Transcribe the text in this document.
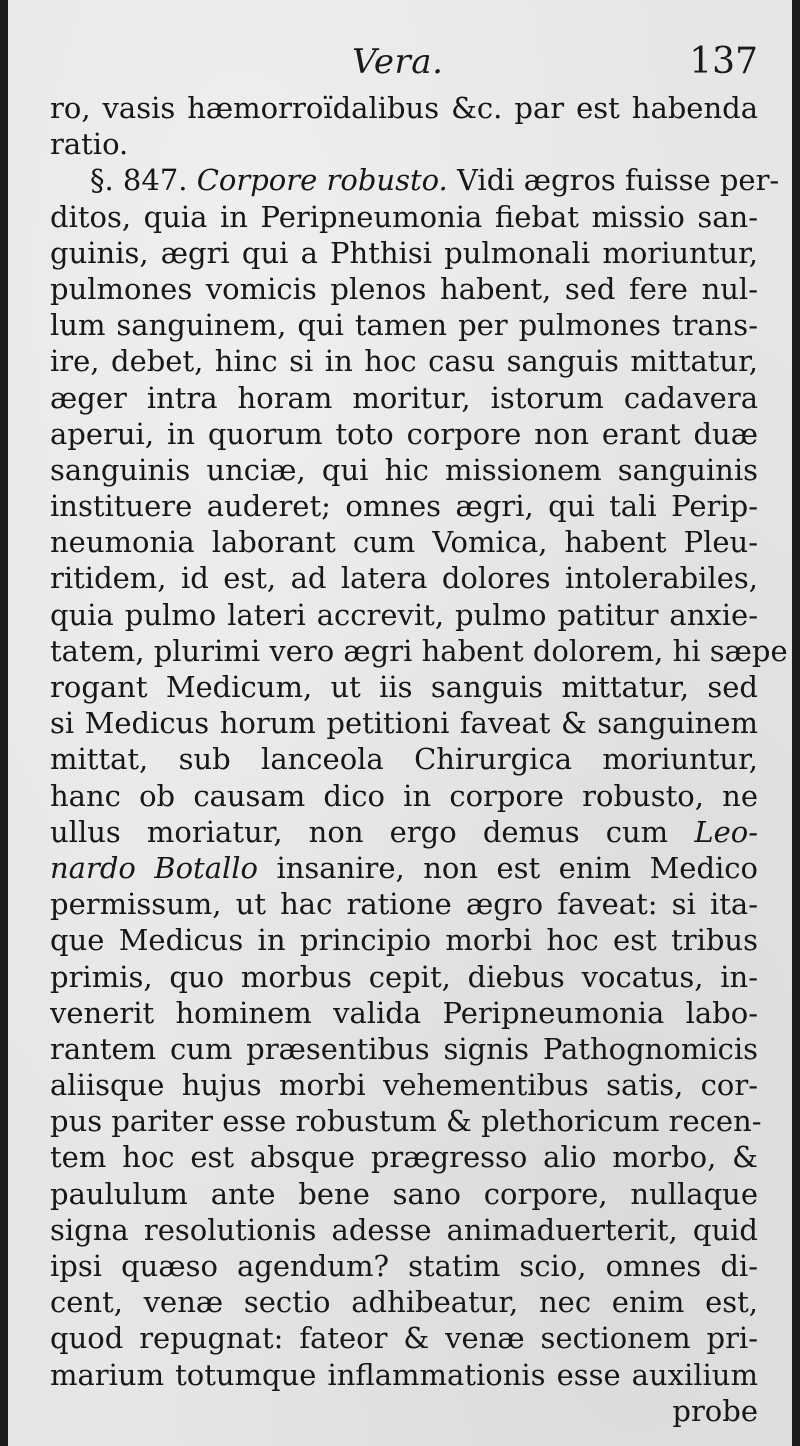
Vera.	137
ro, vasis hæmorroïdalibus &c. par est habenda
ratio.
§. 847. Corpore robusto. Vidi ægros fuisse per-
ditos, quia in Peripneumonia fiebat missio san-
guinis, ægri qui a Phthisi pulmonali moriuntur,
pulmones vomicis plenos habent, sed fere nul-
lum sanguinem, qui tamen per pulmones trans-
ire, debet, hinc si in hoc casu sanguis mittatur,
æger intra horam moritur, istorum cadavera
aperui, in quorum toto corpore non erant duæ
sanguinis unciæ, qui hic missionem sanguinis
instituere auderet; omnes ægri, qui tali Perip-
neumonia laborant cum Vomica, habent Pleu-
ritidem, id est, ad latera dolores intolerabiles,
quia pulmo lateri accrevit, pulmo patitur anxie-
tatem, plurimi vero ægri habent dolorem, hi sæpe
rogant Medicum, ut iis sanguis mittatur, sed
si Medicus horum petitioni faveat & sanguinem
mittat, sub lanceola Chirurgica moriuntur,
hanc ob causam dico in corpore robusto, ne
ullus moriatur, non ergo demus cum Leo-
nardo Botallo insanire, non est enim Medico
permissum, ut hac ratione ægro faveat: si ita-
que Medicus in principio morbi hoc est tribus
primis, quo morbus cepit, diebus vocatus, in-
venerit hominem valida Peripneumonia labo-
rantem cum præsentibus signis Pathognomicis
aliisque hujus morbi vehementibus satis, cor-
pus pariter esse robustum & plethoricum recen-
tem hoc est absque prægresso alio morbo, &
paululum ante bene sano corpore, nullaque
signa resolutionis adesse animaduerterit, quid
ipsi quæso agendum? statim scio, omnes di-
cent, venæ sectio adhibeatur, nec enim est,
quod repugnat: fateor & venæ sectionem pri-
marium totumque inflammationis esse auxilium
probe
